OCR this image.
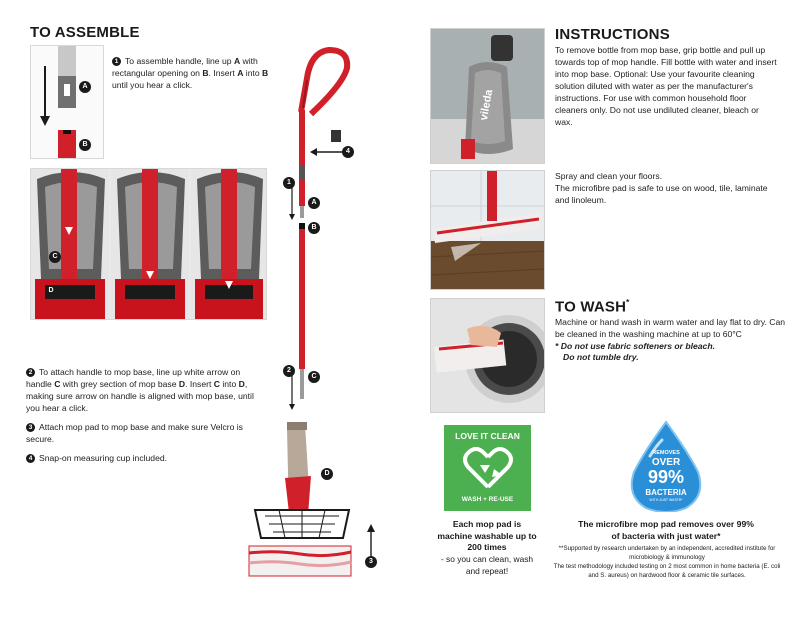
TO ASSEMBLE
A
B
1 To assemble handle, line up A with rectangular opening on B. Insert A into B until you hear a click.
C
D
2 To attach handle to mop base, line up white arrow on handle C with grey section of mop base D. Insert C into D, making sure arrow on handle is aligned with mop base, until you hear a click.
3 Attach mop pad to mop base and make sure Velcro is secure.
4 Snap-on measuring cup included.
1
A
B
4
2
C
D
3
vileda
INSTRUCTIONS
To remove bottle from mop base, grip bottle and pull up towards top of mop handle. Fill bottle with water and insert into mop base. Optional: Use your favourite cleaning solution diluted with water as per the manufacturer's instructions. For use with common household floor cleaners only. Do not use undiluted cleaner, bleach or wax.
Spray and clean your floors.
The microfibre pad is safe to use on wood, tile, laminate and linoleum.
TO WASH*
Machine or hand wash in warm water and lay flat to dry. Can be cleaned in the washing machine at up to 60°C
* Do not use fabric softeners or bleach.
Do not tumble dry.
LOVE IT CLEAN
WASH + RE-USE
Each mop pad is machine washable up to 200 times
- so you can clean, wash and repeat!
REMOVES
OVER
99%
BACTERIA
WITH JUST WATER*
The microfibre mop pad removes over 99% of bacteria with just water*
**Supported by research undertaken by an independent, accredited institute for microbiology & immunology
The test methodology included testing on 2 most common in home bacteria (E. coli and S. aureus) on hardwood floor & ceramic tile surfaces.
